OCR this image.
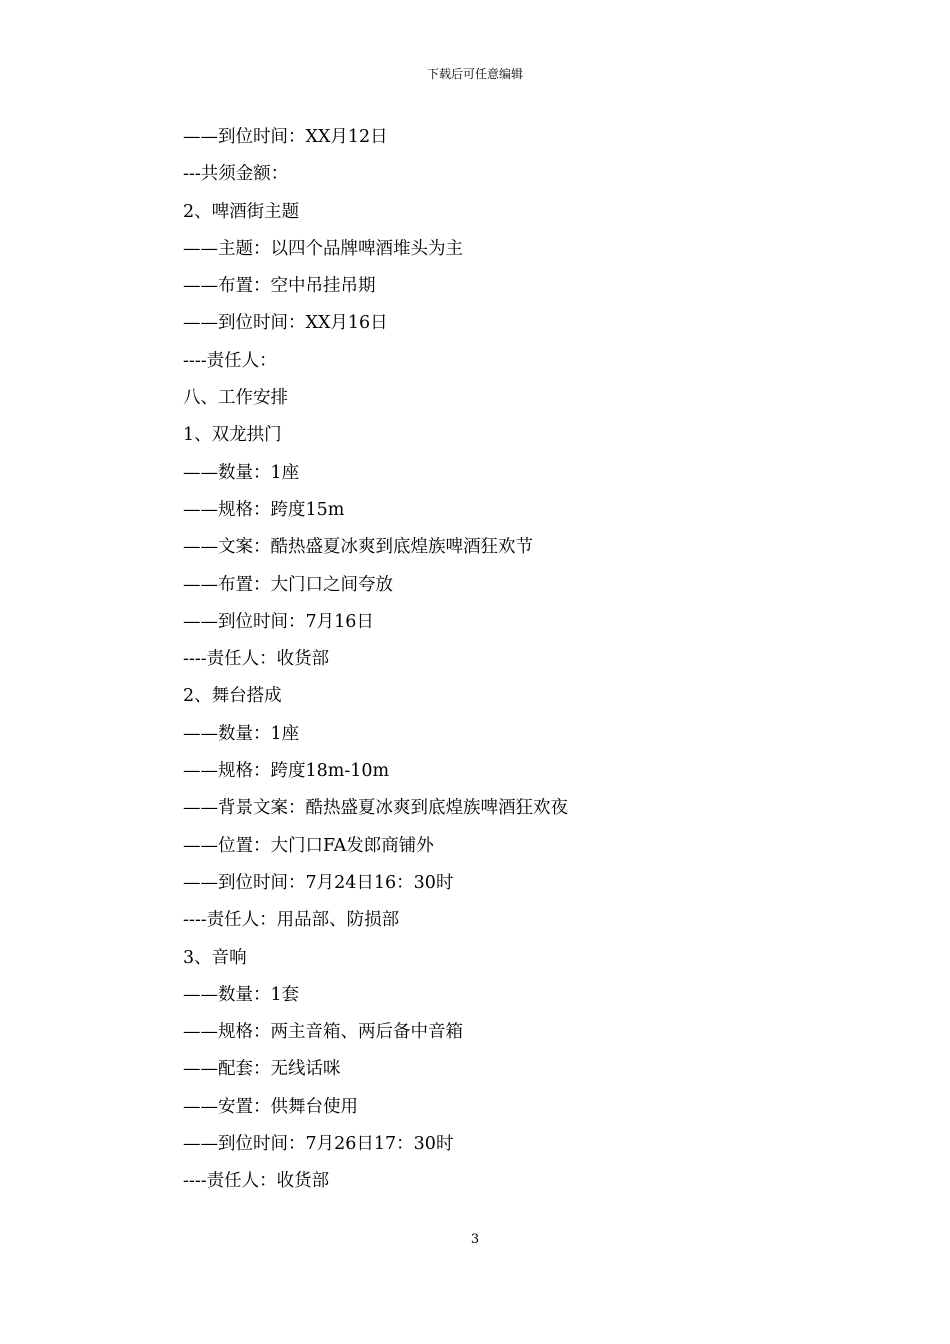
下载后可任意编辑
——到位时间：XX月12日
---共须金额：
2、啤酒街主题
——主题：以四个品牌啤酒堆头为主
——布置：空中吊挂吊期
——到位时间：XX月16日
----责任人：
八、工作安排
1、双龙拱门
——数量：1座
——规格：跨度15m
——文案：酷热盛夏冰爽到底煌族啤酒狂欢节
——布置：大门口之间夸放
——到位时间：7月16日
----责任人：收货部
2、舞台搭成
——数量：1座
——规格：跨度18m-10m
——背景文案：酷热盛夏冰爽到底煌族啤酒狂欢夜
——位置：大门口FA发郎商铺外
——到位时间：7月24日16：30时
----责任人：用品部、防损部
3、音响
——数量：1套
——规格：两主音箱、两后备中音箱
——配套：无线话咪
——安置：供舞台使用
——到位时间：7月26日17：30时
----责任人：收货部
3
